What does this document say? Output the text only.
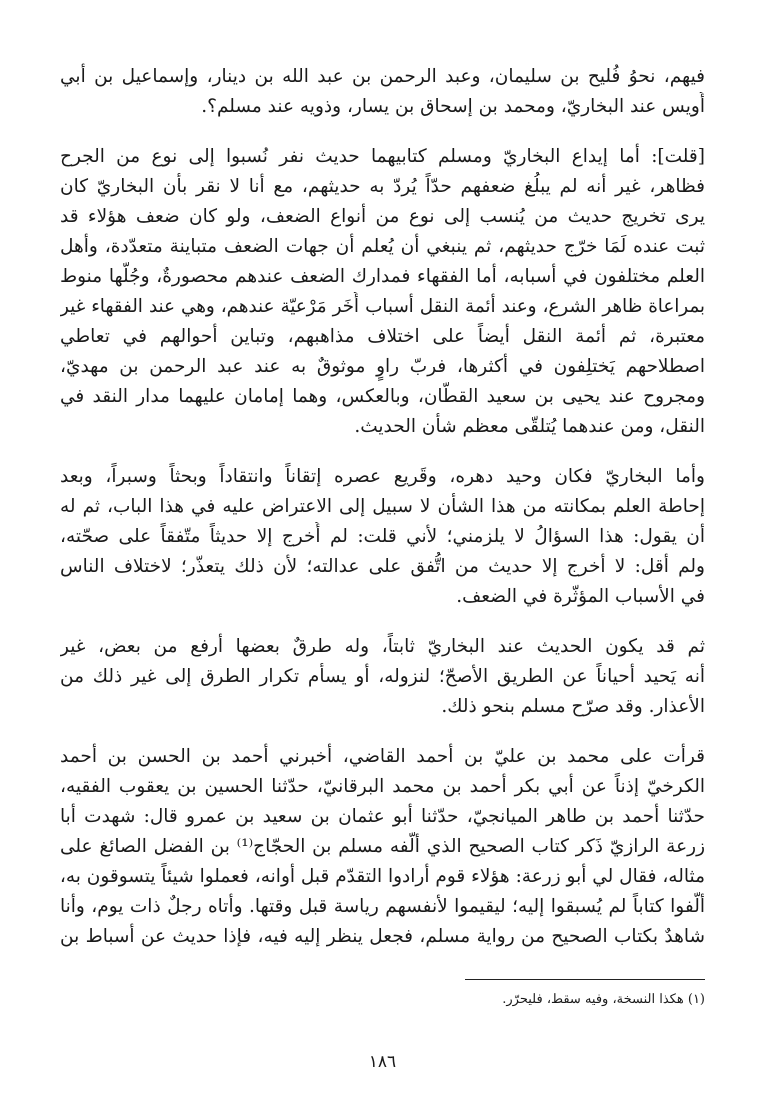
فيهم، نحوُ فُليح بن سليمان، وعبد الرحمن بن عبد الله بن دينار، وإسماعيل بن أبي
أُويس عند البخاريّ، ومحمد بن إسحاق بن يسار، وذويه عند مسلم؟.

[قلت]: أما إيداع البخاريّ ومسلم كتابيهما حديث نفر نُسبوا إلى نوع من الجرح
فظاهر، غير أنه لم يبلُغ ضعفهم حدّاً يُردّ به حديثهم، مع أنا لا نقر بأن البخاريّ كان
يرى تخريج حديث من يُنسب إلى نوع من أنواع الضعف، ولو كان ضعف هؤلاء قد
ثبت عنده لَمَا خرّج حديثهم، ثم ينبغي أن يُعلم أن جهات الضعف متباينة متعدّدة، وأهل
العلم مختلفون في أسبابه، أما الفقهاء فمدارك الضعف عندهم محصورةٌ، وجُلُّها منوط
بمراعاة ظاهر الشرع، وعند أئمة النقل أسباب أُخَر مَرْعيّة عندهم، وهي عند الفقهاء غير
معتبرة، ثم أئمة النقل أيضاً على اختلاف مذاهبهم، وتباين أحوالهم في تعاطي
اصطلاحهم يَختلِفون في أكثرها، فربّ راوٍ موثوقٌ به عند عبد الرحمن بن مهديّ،
ومجروح عند يحيى بن سعيد القطّان، وبالعكس، وهما إمامان عليهما مدار النقد في
النقل، ومن عندهما يُتلقّى معظم شأن الحديث.

وأما البخاريّ فكان وحيد دهره، وقَريع عصره إتقاناً وانتقاداً وبحثاً وسبراً، وبعد
إحاطة العلم بمكانته من هذا الشأن لا سبيل إلى الاعتراض عليه في هذا الباب، ثم له
أن يقول: هذا السؤالُ لا يلزمني؛ لأني قلت: لم أُخرج إلا حديثاً متّفقاً على صحّته،
ولم أقل: لا أخرج إلا حديث من اتُّفق على عدالته؛ لأن ذلك يتعذّر؛ لاختلاف الناس
في الأسباب المؤثّرة في الضعف.

ثم قد يكون الحديث عند البخاريّ ثابتاً، وله طرقٌ بعضها أرفع من بعض، غير
أنه يَحيد أحياناً عن الطريق الأصحّ؛ لنزوله، أو يسأم تكرار الطرق إلى غير ذلك من
الأعذار. وقد صرّح مسلم بنحو ذلك.

قرأت على محمد بن عليّ بن أحمد القاضي، أخبرني أحمد بن الحسن بن أحمد
الكرخيّ إذناً عن أبي بكر أحمد بن محمد البرقانيّ، حدّثنا الحسين بن يعقوب الفقيه،
حدّثنا أحمد بن طاهر الميانجيّ، حدّثنا أبو عثمان بن سعيد بن عمرو قال: شهدت أبا
زرعة الرازيّ ذَكر كتاب الصحيح الذي ألّفه مسلم بن الحجّاج⁽¹⁾ بن الفضل الصائغ على
مثاله، فقال لي أبو زرعة: هؤلاء قوم أرادوا التقدّم قبل أوانه، فعملوا شيئاً يتسوقون به،
ألّفوا كتاباً لم يُسبقوا إليه؛ ليقيموا لأنفسهم رياسة قبل وقتها. وأتاه رجلٌ ذات يوم، وأنا
شاهدٌ بكتاب الصحيح من رواية مسلم، فجعل ينظر إليه فيه، فإذا حديث عن أسباط بن

(١) هكذا النسخة، وفيه سقط، فليحرّر.
١٨٦
